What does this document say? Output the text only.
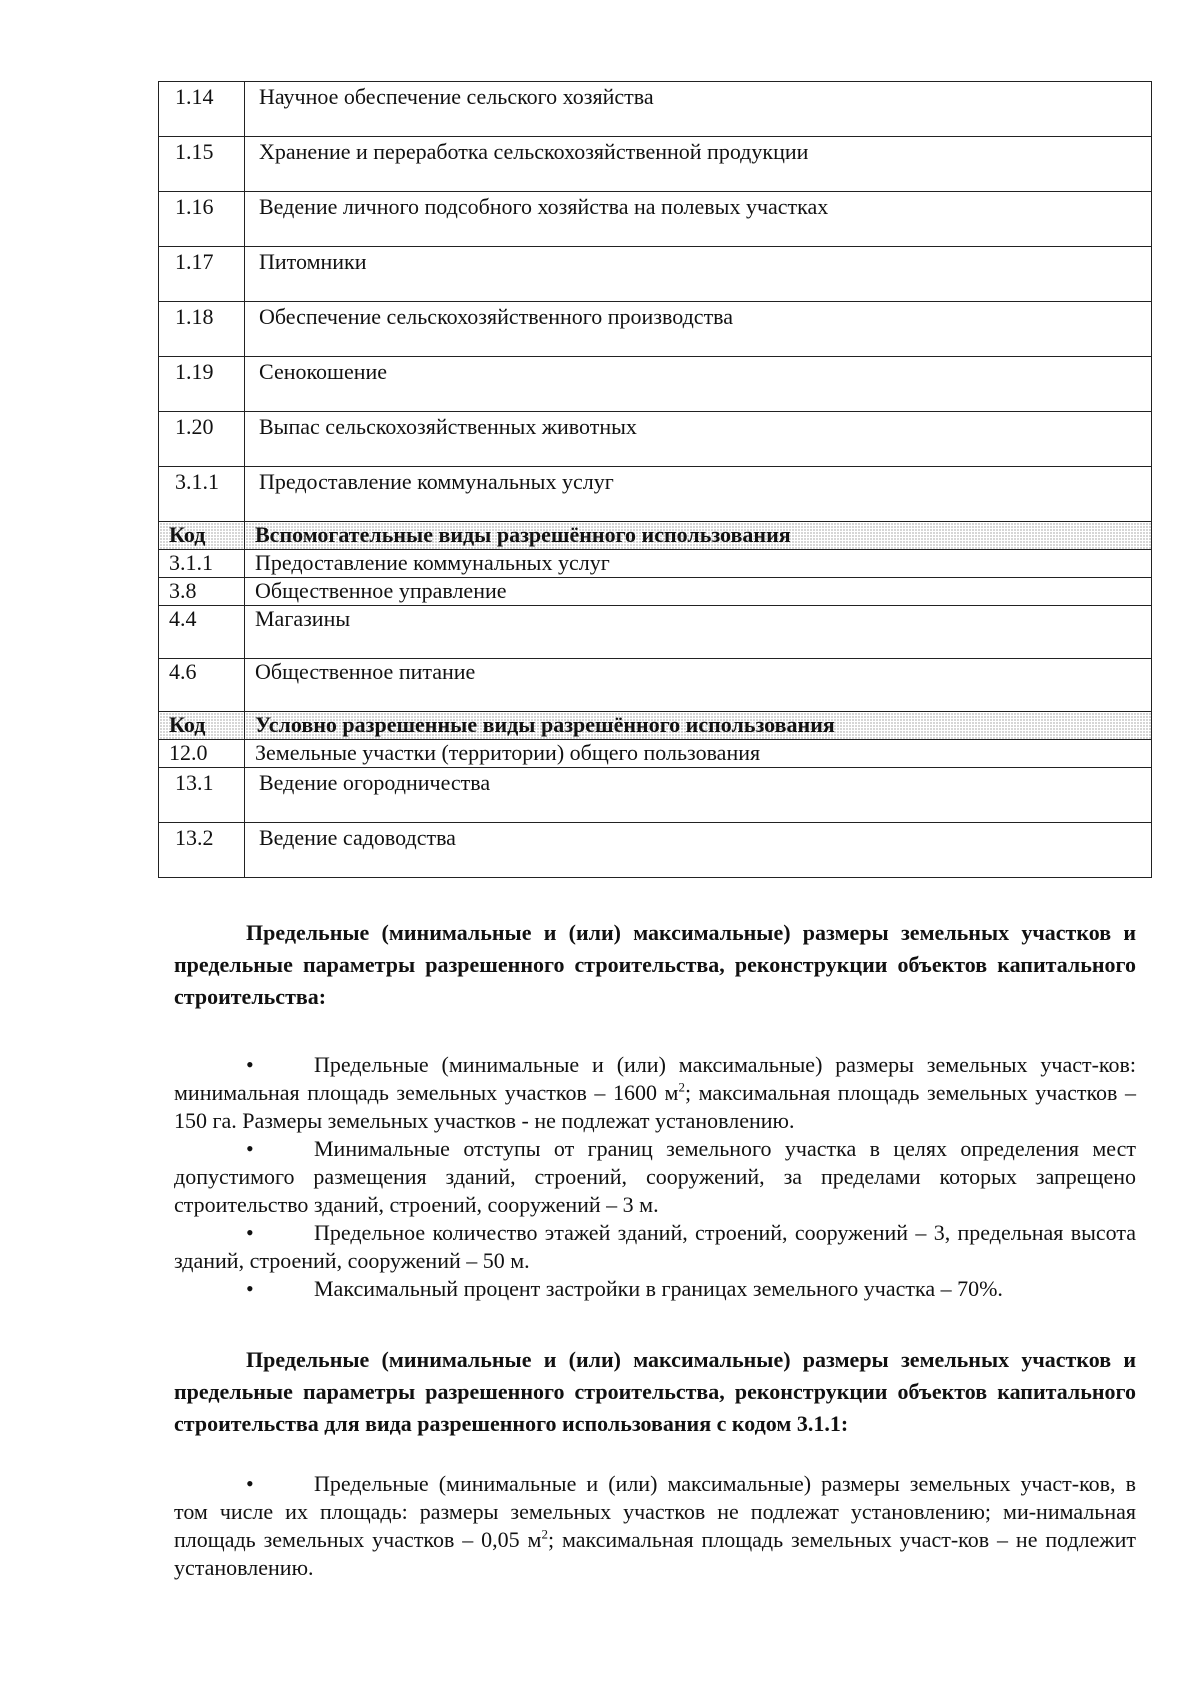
1.14	Научное обеспечение сельского хозяйства
1.15	Хранение и переработка сельскохозяйственной продукции
1.16	Ведение личного подсобного хозяйства на полевых участках
1.17	Питомники
1.18	Обеспечение сельскохозяйственного производства
1.19	Сенокошение
1.20	Выпас сельскохозяйственных животных
3.1.1	Предоставление коммунальных услуг
Код	Вспомогательные виды разрешённого использования
3.1.1	Предоставление коммунальных услуг
3.8	Общественное управление
4.4	Магазины
4.6	Общественное питание
Код	Условно разрешенные виды разрешённого использования
12.0	Земельные участки (территории) общего пользования
13.1	Ведение огородничества
13.2	Ведение садоводства

Предельные (минимальные и (или) максимальные) размеры земельных участков и предельные параметры разрешенного строительства, реконструкции объектов капитального строительства:

•	Предельные (минимальные и (или) максимальные) размеры земельных участ-ков: минимальная площадь земельных участков – 1600 $м^2$; максимальная площадь земельных участков – 150 га. Размеры земельных участков - не подлежат установлению.

•	Минимальные отступы от границ земельного участка в целях определения мест допустимого размещения зданий, строений, сооружений, за пределами которых запрещено строительство зданий, строений, сооружений – 3 м.

•	Предельное количество этажей зданий, строений, сооружений – 3, предельная высота зданий, строений, сооружений – 50 м.

•	Максимальный процент застройки в границах земельного участка – 70%.

Предельные (минимальные и (или) максимальные) размеры земельных участков и предельные параметры разрешенного строительства, реконструкции объектов капитального строительства для вида разрешенного использования с кодом 3.1.1:

•	Предельные (минимальные и (или) максимальные) размеры земельных участ-ков, в том числе их площадь: размеры земельных участков не подлежат установлению; ми-нимальная площадь земельных участков – 0,05 $м^2$; максимальная площадь земельных участ-ков – не подлежит установлению.
